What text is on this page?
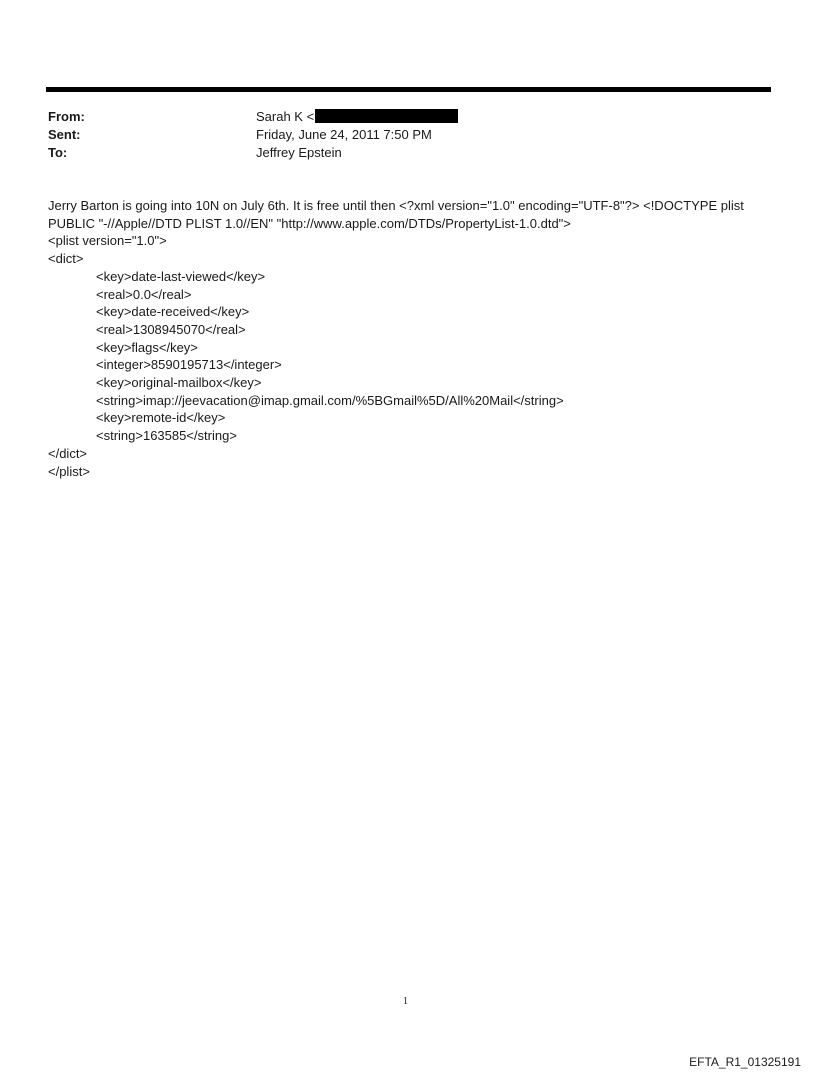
From:	Sarah K <
Sent:	Friday, June 24, 2011 7:50 PM
To:	Jeffrey Epstein

Jerry Barton is going into 10N on July 6th. It is free until then <?xml version="1.0" encoding="UTF-8"?> <!DOCTYPE plist

PUBLIC "-//Apple//DTD PLIST 1.0//EN" "http://www.apple.com/DTDs/PropertyList-1.0.dtd">

<plist version="1.0">

<dict>

<key>date-last-viewed</key>

<real>0.0</real>

<key>date-received</key>

<real>1308945070</real>

<key>flags</key>

<integer>8590195713</integer>

<key>original-mailbox</key>

<string>imap://jeevacation@imap.gmail.com/%5BGmail%5D/All%20Mail</string>

<key>remote-id</key>

<string>163585</string>

</dict>

</plist>

1
EFTA_R1_01325191
